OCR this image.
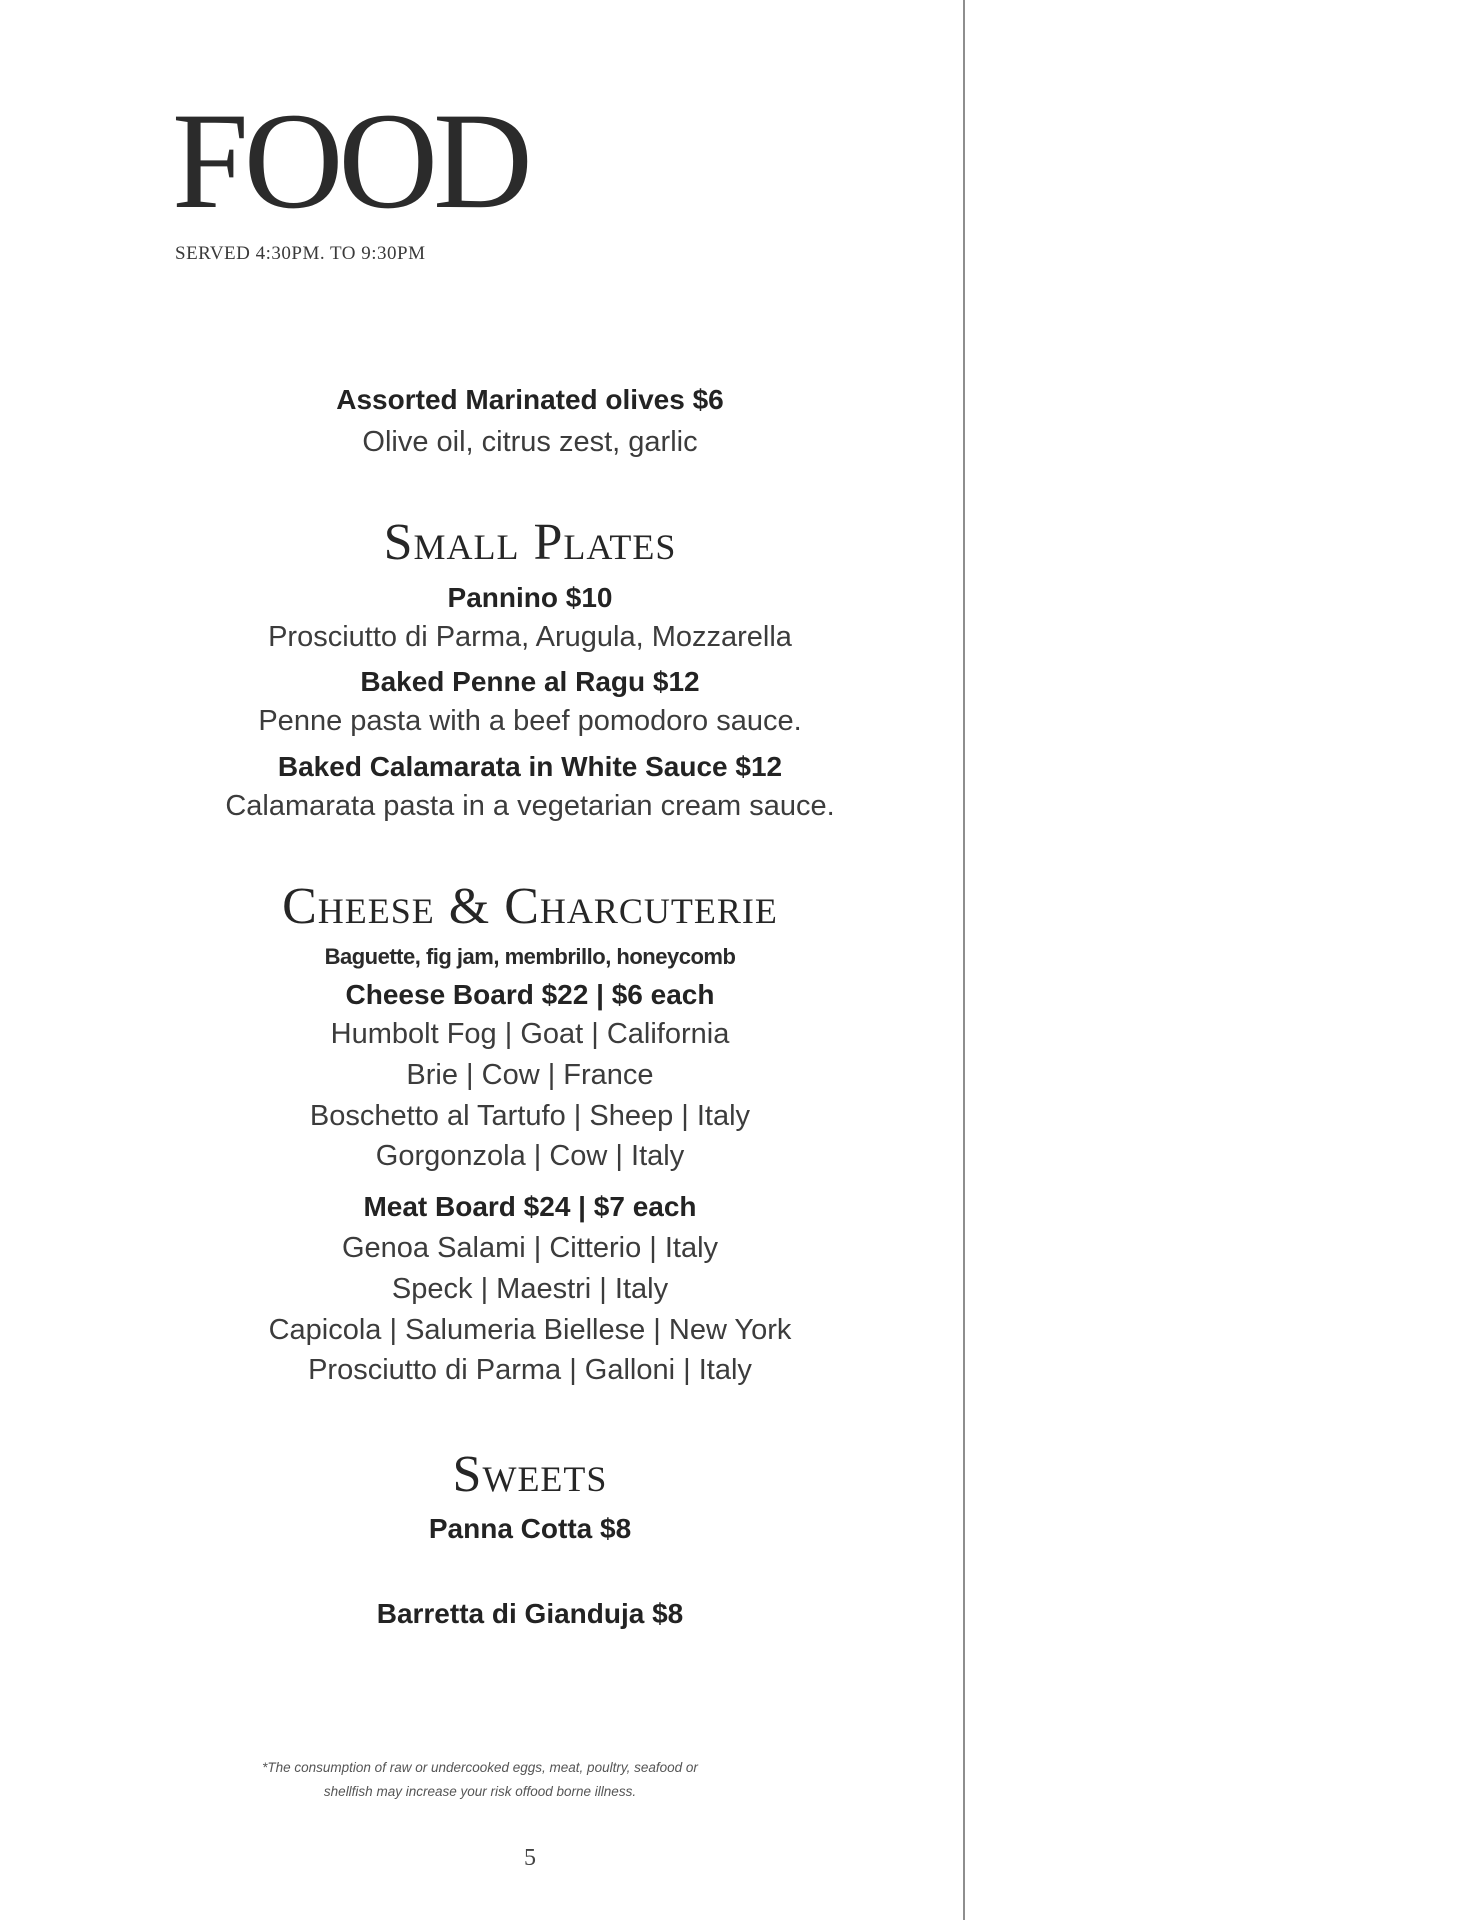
FOOD
SERVED 4:30PM. TO 9:30PM
Assorted Marinated olives $6
Olive oil, citrus zest, garlic
Small Plates
Pannino $10
Prosciutto di Parma, Arugula, Mozzarella
Baked Penne al Ragu $12
Penne pasta with a beef pomodoro sauce.
Baked Calamarata in White Sauce $12
Calamarata pasta in a vegetarian cream sauce.
Cheese & Charcuterie
Baguette, fig jam, membrillo, honeycomb
Cheese Board $22 | $6 each
Humbolt Fog | Goat | California
Brie | Cow | France
Boschetto al Tartufo | Sheep | Italy
Gorgonzola | Cow | Italy
Meat Board $24 | $7 each
Genoa Salami | Citterio | Italy
Speck | Maestri | Italy
Capicola | Salumeria Biellese | New York
Prosciutto di Parma | Galloni | Italy
Sweets
Panna Cotta $8
Barretta di Gianduja $8
*The consumption of raw or undercooked eggs, meat, poultry, seafood or
shellfish may increase your risk offood borne illness.
5
